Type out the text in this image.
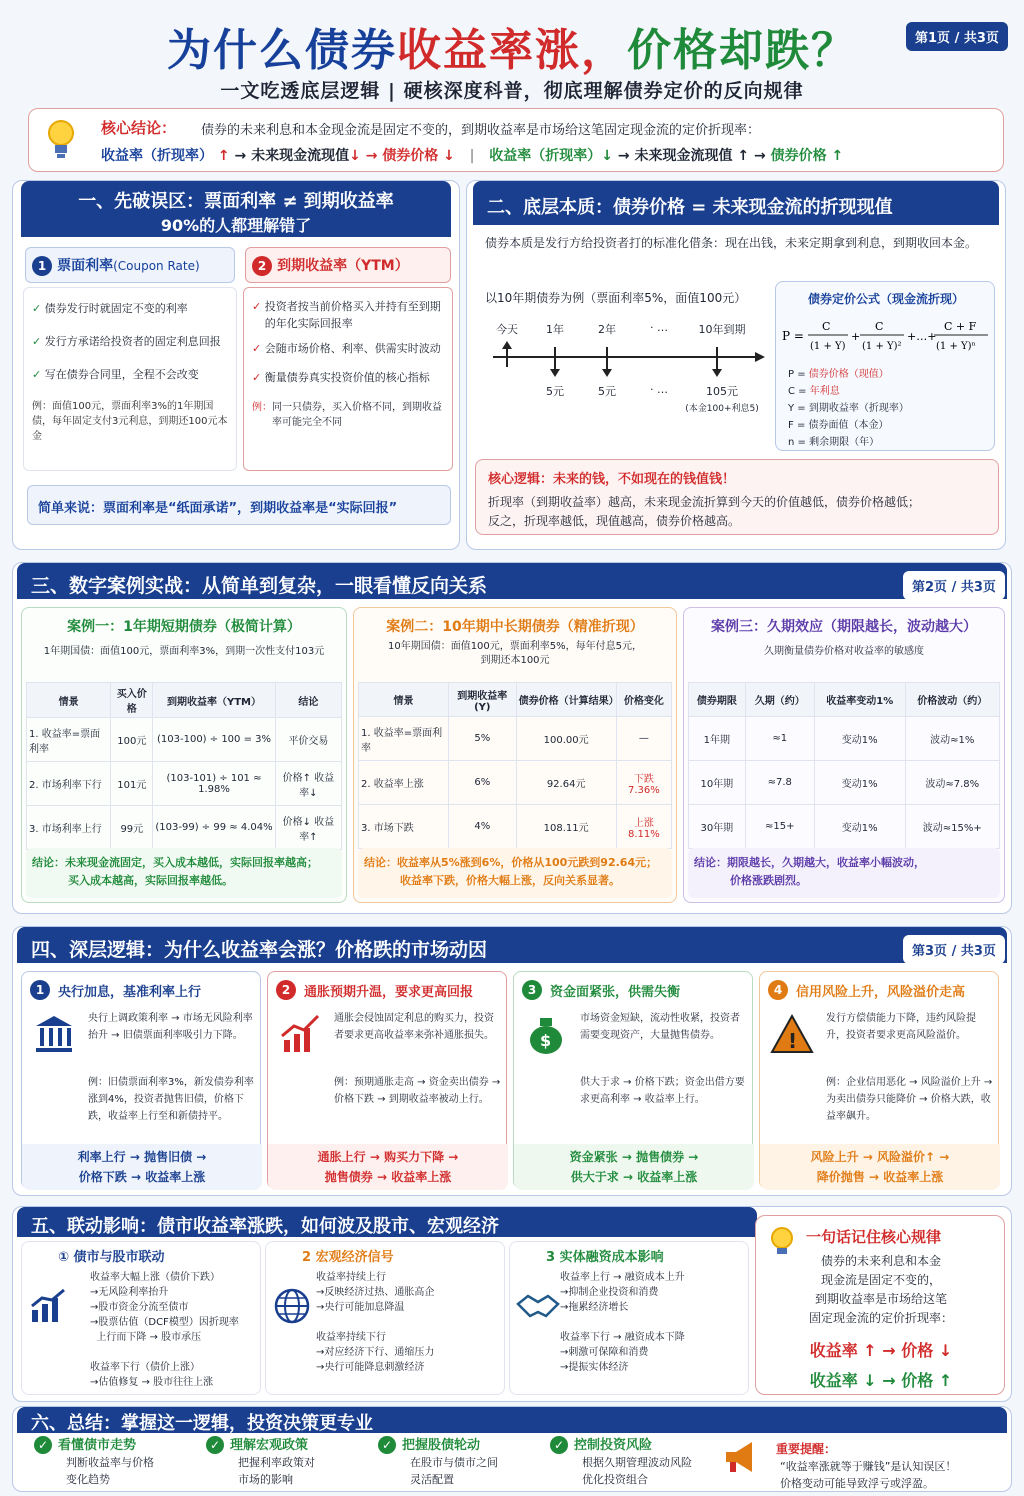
为什么债券收益率涨，价格却跌？	第1页 / 共3页
一文吃透底层逻辑 | 硬核深度科普，彻底理解债券定价的反向规律
核心结论： 债券的未来利息和本金现金流是固定不变的，到期收益率是市场给这笔固定现金流的定价折现率：
收益率（折现率） ↑ → 未来现金流现值↓ → 债券价格 ↓ | 收益率（折现率）↓ → 未来现金流现值 ↑ → 债券价格 ↑
一、先破误区：票面利率 ≠ 到期收益率
90%的人都理解错了
1 票面利率(Coupon Rate)	2 到期收益率（YTM）
✓ 债券发行时就固定不变的利率
✓ 发行方承诺给投资者的固定利息回报
✓ 写在债券合同里，全程不会改变
例：面值100元，票面利率3%的1年期国债，每年固定支付3元利息，到期还100元本金
✓
投资者按当前价格买入并持有至到期的年化实际回报率
✓
会随市场价格、利率、供需实时波动
✓
衡量债券真实投资价值的核心指标
例： 同一只债券，买入价格不同，到期收益率可能完全不同
简单来说：票面利率是“纸面承诺”，到期收益率是“实际回报”
二、底层本质：债券价格 = 未来现金流的折现现值
债券本质是发行方给投资者打的标准化借条：现在出钱，未来定期拿到利息，到期收回本金。
以10年期债券为例（票面利率5%，面值100元）
今天	1年	2年	· …	10年到期
5元	5元	· …	105元
(本金100+利息5)
债券定价公式（现金流折现）
P =
C
(1 + Y)
+
C
(1 + Y)²
+…+
C + F
(1 + Y)ⁿ
P = 债券价格（现值）
C = 年利息
Y = 到期收益率（折现率）
F = 债券面值（本金）
n = 剩余期限（年）
核心逻辑：未来的钱，不如现在的钱值钱！
折现率（到期收益率）越高，未来现金流折算到今天的价值越低，债券价格越低；
反之，折现率越低，现值越高，债券价格越高。
三、数字案例实战：从简单到复杂，一眼看懂反向关系	第2页 / 共3页
案例一：1年期短期债券（极简计算）
1年期国债：面值100元，票面利率3%，到期一次性支付103元
情景	买入价格	到期收益率（YTM）	结论
1. 收益率=票面利率	100元	(103-100) ÷ 100 = 3%	平价交易
2. 市场利率下行	101元	(103-101) ÷ 101 ≈ 1.98%	价格↑ 收益率↓
3. 市场利率上行	99元	(103-99) ÷ 99 ≈ 4.04%	价格↓ 收益率↑
结论：未来现金流固定，买入成本越低，实际回报率越高；
买入成本越高，实际回报率越低。
案例二：10年期中长期债券（精准折现）
10年期国债：面值100元，票面利率5%，每年付息5元，
到期还本100元
情景	到期收益率(Y)	债券价格（计算结果）	价格变化
1. 收益率=票面利率	5%	100.00元	—
2. 收益率上涨	6%	92.64元	下跌7.36%
3. 市场下跌	4%	108.11元	上涨8.11%
结论：收益率从5%涨到6%，价格从100元跌到92.64元；
收益率下跌，价格大幅上涨，反向关系显著。
案例三：久期效应（期限越长，波动越大）
久期衡量债券价格对收益率的敏感度
债券期限	久期（约）	收益率变动1%	价格波动（约）
1年期	≈1	变动1%	波动≈1%
10年期	≈7.8	变动1%	波动≈7.8%
30年期	≈15+	变动1%	波动≈15%+
结论：期限越长，久期越大，收益率小幅波动，
价格涨跌剧烈。
四、深层逻辑：为什么收益率会涨？价格跌的市场动因	第3页 / 共3页
1	央行加息，基准利率上行
央行上调政策利率 → 市场无风险利率抬升 → 旧债票面利率吸引力下降。
例：旧债票面利率3%，新发债券利率涨到4%，投资者抛售旧债，价格下跌，收益率上行至和新债持平。
利率上行 → 抛售旧债 →
价格下跌 → 收益率上涨
2	通胀预期升温，要求更高回报
通胀会侵蚀固定利息的购买力，投资者要求更高收益率来弥补通胀损失。
例：预期通胀走高 → 资金卖出债券 → 价格下跌 → 到期收益率被动上行。
通胀上行 → 购买力下降 →
抛售债券 → 收益率上涨
3	资金面紧张，供需失衡
$
市场资金短缺，流动性收紧，投资者需要变现资产，大量抛售债券。
供大于求 → 价格下跌；资金出借方要求更高利率 → 收益率上行。
资金紧张 → 抛售债券 →
供大于求 → 收益率上涨
4	信用风险上升，风险溢价走高
!
发行方偿债能力下降，违约风险提升，投资者要求更高风险溢价。
例：企业信用恶化 → 风险溢价上升 → 为卖出债券只能降价 → 价格大跌，收益率飙升。
风险上升 → 风险溢价↑ →
降价抛售 → 收益率上涨
五、联动影响：债市收益率涨跌，如何波及股市、宏观经济
① 债市与股市联动
收益率大幅上涨（债价下跌）
→无风险利率抬升
→股市资金分流至债市
→股票估值（DCF模型）因折现率
上行而下降 → 股市承压
收益率下行（债价上涨）
→估值修复 → 股市往往上涨
2 宏观经济信号
收益率持续上行
→反映经济过热、通胀高企
→央行可能加息降温
收益率持续下行
→对应经济下行、通缩压力
→央行可能降息刺激经济
3 实体融资成本影响
收益率上行 → 融资成本上升
→抑制企业投资和消费
→拖累经济增长
收益率下行 → 融资成本下降
→刺激可保障和消费
→提振实体经济
一句话记住核心规律
债券的未来利息和本金
现金流是固定不变的，
到期收益率是市场给这笔
固定现金流的定价折现率：
收益率 ↑ → 价格 ↓
收益率 ↓ → 价格 ↑
六、总结：掌握这一逻辑，投资决策更专业
✓ 看懂债市走势
判断收益率与价格
变化趋势
✓ 理解宏观政策
把握利率政策对
市场的影响
✓ 把握股债轮动
在股市与债市之间
灵活配置
✓ 控制投资风险
根据久期管理波动风险
优化投资组合
重要提醒：
“收益率涨就等于赚钱”是认知误区！
价格变动可能导致浮亏或浮盈。
